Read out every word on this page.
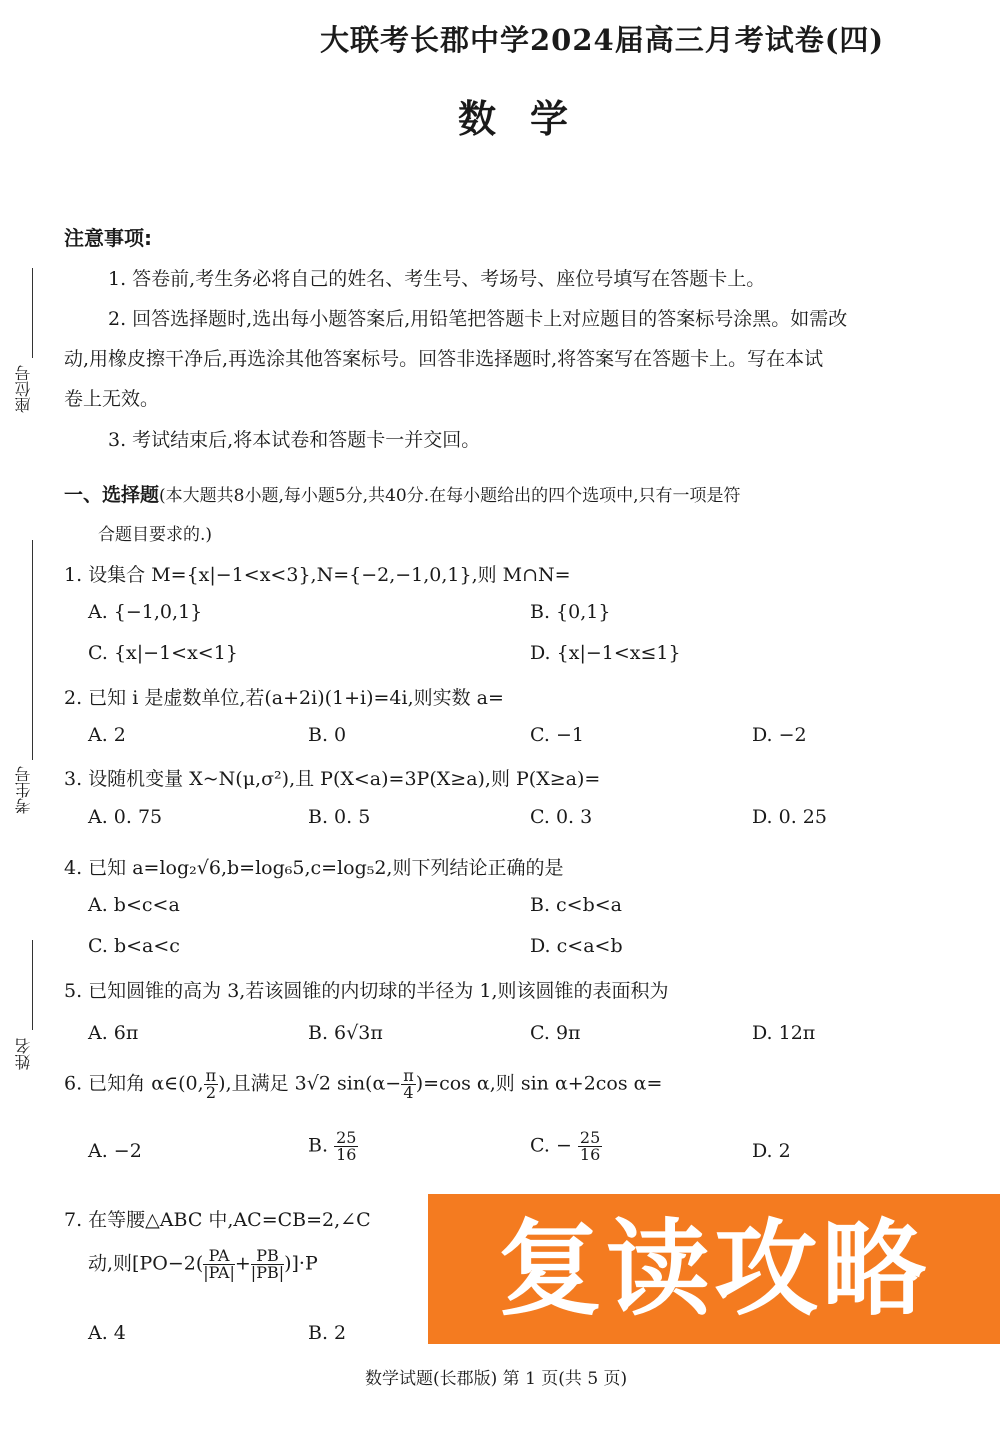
大联考长郡中学2024届高三月考试卷(四)
数学
座位号
考生号
姓名
注意事项:
1. 答卷前,考生务必将自己的姓名、考生号、考场号、座位号填写在答题卡上。
2. 回答选择题时,选出每小题答案后,用铅笔把答题卡上对应题目的答案标号涂黑。如需改
动,用橡皮擦干净后,再选涂其他答案标号。回答非选择题时,将答案写在答题卡上。写在本试
卷上无效。
3. 考试结束后,将本试卷和答题卡一并交回。
一、选择题(本大题共8小题,每小题5分,共40分.在每小题给出的四个选项中,只有一项是符
合题目要求的.)
1. 设集合 M={x|−1<x<3},N={−2,−1,0,1},则 M∩N=
A. {−1,0,1}	B. {0,1}
C. {x|−1<x<1}	D. {x|−1<x≤1}
2. 已知 i 是虚数单位,若(a+2i)(1+i)=4i,则实数 a=
A. 2	B. 0	C. −1	D. −2
3. 设随机变量 X~N(μ,σ²),且 P(X<a)=3P(X≥a),则 P(X≥a)=
A. 0. 75	B. 0. 5	C. 0. 3	D. 0. 25
4. 已知 a=log₂√6,b=log₆5,c=log₅2,则下列结论正确的是
A. b<c<a	B. c<b<a
C. b<a<c	D. c<a<b
5. 已知圆锥的高为 3,若该圆锥的内切球的半径为 1,则该圆锥的表面积为
A. 6π	B. 6√3π	C. 9π	D. 12π
6. 已知角 α∈(0, $\frac{\pi}{2}$ ),且满足 3√2 $\sin(\alpha- \frac{\pi}{4} )=\cos$ α,则 sin α+2cos α=
A. −2	B. $\frac{25}{16}$	C. − $\frac{25}{16}$	D. 2
7. 在等腰△ABC 中,AC=CB=2,∠C
动,则$[PO-2( \frac{PA}{|PA|} + \frac{PB}{|PB|} )]\cdot P$
A. 4	B. 2
复读攻略
数学试题(长郡版) 第 1 页(共 5 页)
